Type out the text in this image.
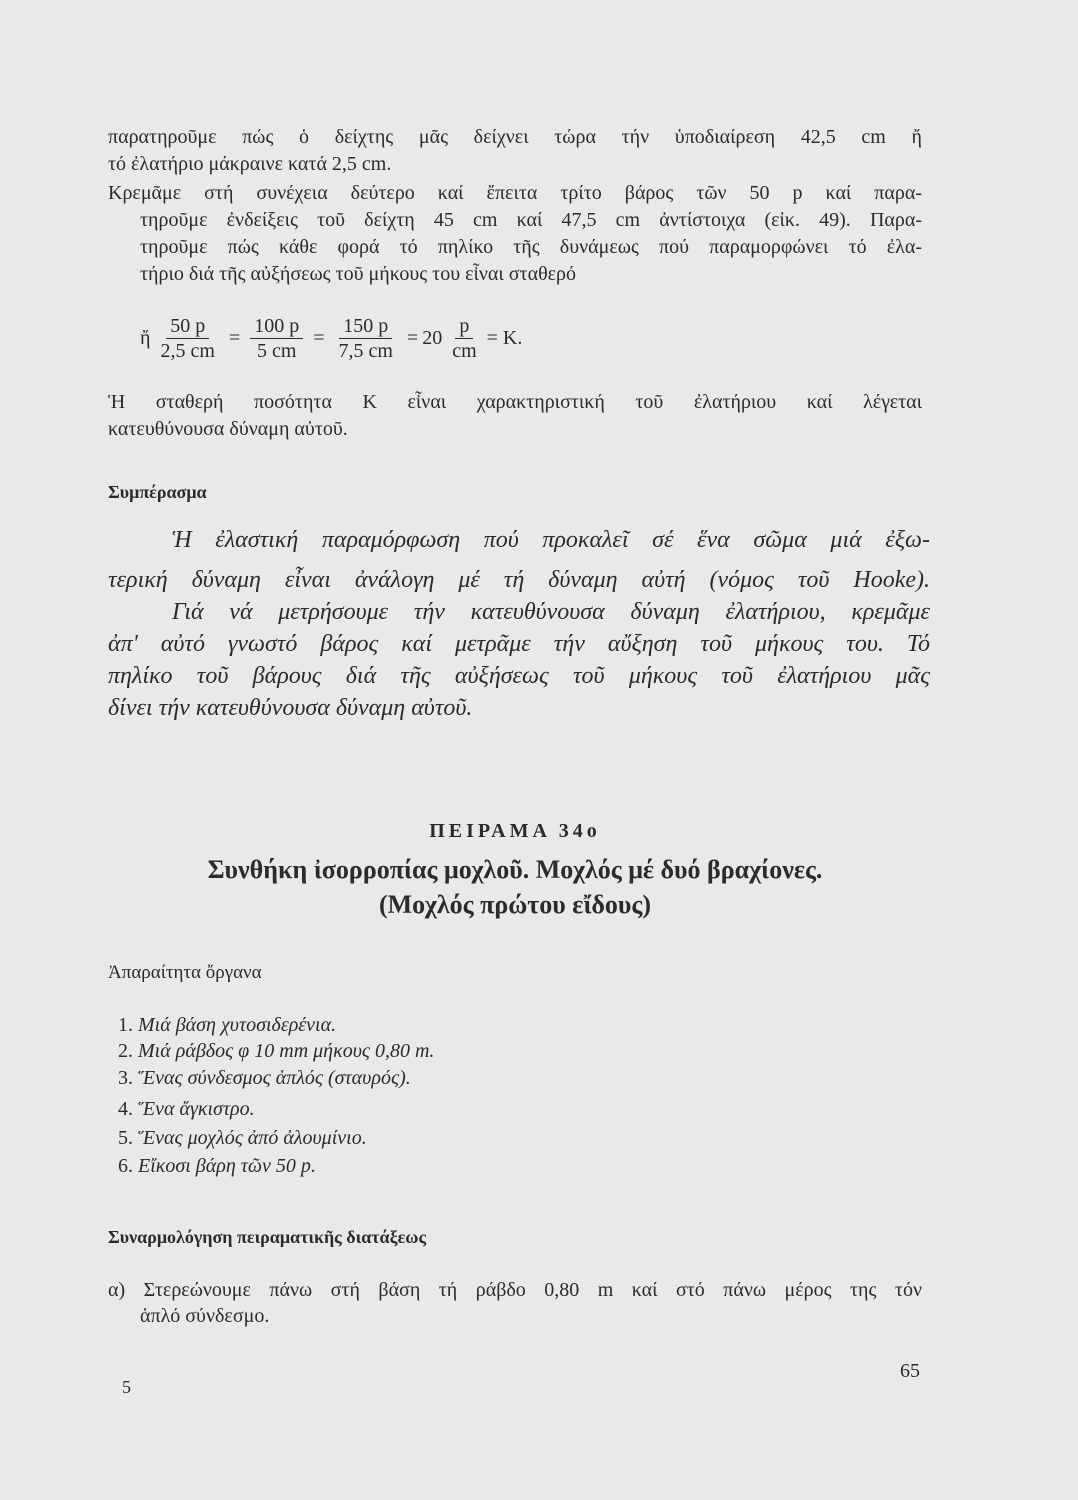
παρατηροῦμε πώς ὁ δείχτης μᾶς δείχνει τώρα τήν ὑποδιαίρεση 42,5 cm ἤ
τό ἐλατήριο μάκραινε κατά 2,5 cm.
Κρεμᾶμε στή συνέχεια δεύτερο καί ἔπειτα τρίτο βάρος τῶν 50 p καί παρα-
τηροῦμε ἐνδείξεις τοῦ δείχτη 45 cm καί 47,5 cm ἀντίστοιχα (εἰκ. 49). Παρα-
τηροῦμε πώς κάθε φορά τό πηλίκο τῆς δυνάμεως πού παραμορφώνει τό ἐλα-
τήριο διά τῆς αὐξήσεως τοῦ μήκους του εἶναι σταθερό
ἤ $\frac{50 p}{2,5 cm} = \frac{100 p}{5 cm} = \frac{150 p}{7,5 cm} = 20 \frac{p}{cm} = K$.
Ἡ σταθερή ποσότητα Κ εἶναι χαρακτηριστική τοῦ ἐλατήριου καί λέγεται
κατευθύνουσα δύναμη αὐτοῦ.
Συμπέρασμα
Ἡ ἐλαστική παραμόρφωση πού προκαλεῖ σέ ἕνα σῶμα μιά ἐξω-
τερική δύναμη εἶναι ἀνάλογη μέ τή δύναμη αὐτή (νόμος τοῦ Hooke).
Γιά νά μετρήσουμε τήν κατευθύνουσα δύναμη ἐλατήριου, κρεμᾶμε
ἀπ' αὐτό γνωστό βάρος καί μετρᾶμε τήν αὔξηση τοῦ μήκους του. Τό
πηλίκο τοῦ βάρους διά τῆς αὐξήσεως τοῦ μήκους τοῦ ἐλατήριου μᾶς
δίνει τήν κατευθύνουσα δύναμη αὐτοῦ.
ΠΕΙΡΑΜΑ 34ο
Συνθήκη ἰσορροπίας μοχλοῦ. Μοχλός μέ δυό βραχίονες.
(Μοχλός πρώτου εἴδους)
Ἀπαραίτητα ὄργανα
1. Μιά βάση χυτοσιδερένια.
2. Μιά ράβδος φ 10 mm μήκους 0,80 m.
3. Ἕνας σύνδεσμος ἁπλός (σταυρός).
4. Ἕνα ἄγκιστρο.
5. Ἕνας μοχλός ἀπό ἀλουμίνιο.
6. Εἴκοσι βάρη τῶν 50 p.
Συναρμολόγηση πειραματικῆς διατάξεως
α) Στερεώνουμε πάνω στή βάση τή ράβδο 0,80 m καί στό πάνω μέρος της τόν
ἁπλό σύνδεσμο.
5
65
